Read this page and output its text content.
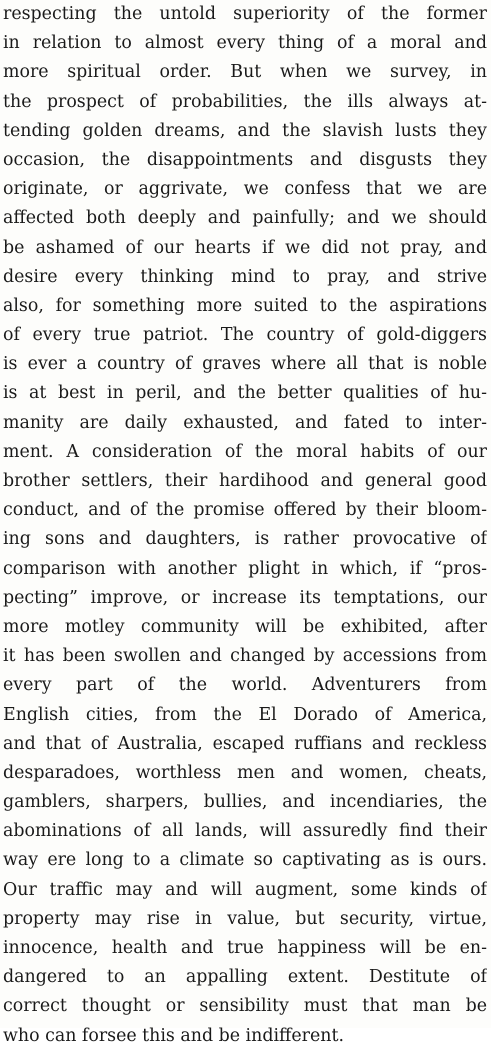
respecting the untold superiority of the former
in relation to almost every thing of a moral and
more spiritual order. But when we survey, in
the prospect of probabilities, the ills always at-
tending golden dreams, and the slavish lusts they
occasion, the disappointments and disgusts they
originate, or aggrivate, we confess that we are
affected both deeply and painfully; and we should
be ashamed of our hearts if we did not pray, and
desire every thinking mind to pray, and strive
also, for something more suited to the aspirations
of every true patriot. The country of gold-diggers
is ever a country of graves where all that is noble
is at best in peril, and the better qualities of hu-
manity are daily exhausted, and fated to inter-
ment. A consideration of the moral habits of our
brother settlers, their hardihood and general good
conduct, and of the promise offered by their bloom-
ing sons and daughters, is rather provocative of
comparison with another plight in which, if “pros-
pecting” improve, or increase its temptations, our
more motley community will be exhibited, after
it has been swollen and changed by accessions from
every part of the world. Adventurers from
English cities, from the El Dorado of America,
and that of Australia, escaped ruffians and reckless
desparadoes, worthless men and women, cheats,
gamblers, sharpers, bullies, and incendiaries, the
abominations of all lands, will assuredly find their
way ere long to a climate so captivating as is ours.
Our traffic may and will augment, some kinds of
property may rise in value, but security, virtue,
innocence, health and true happiness will be en-
dangered to an appalling extent. Destitute of
correct thought or sensibility must that man be
who can forsee this and be indifferent.
